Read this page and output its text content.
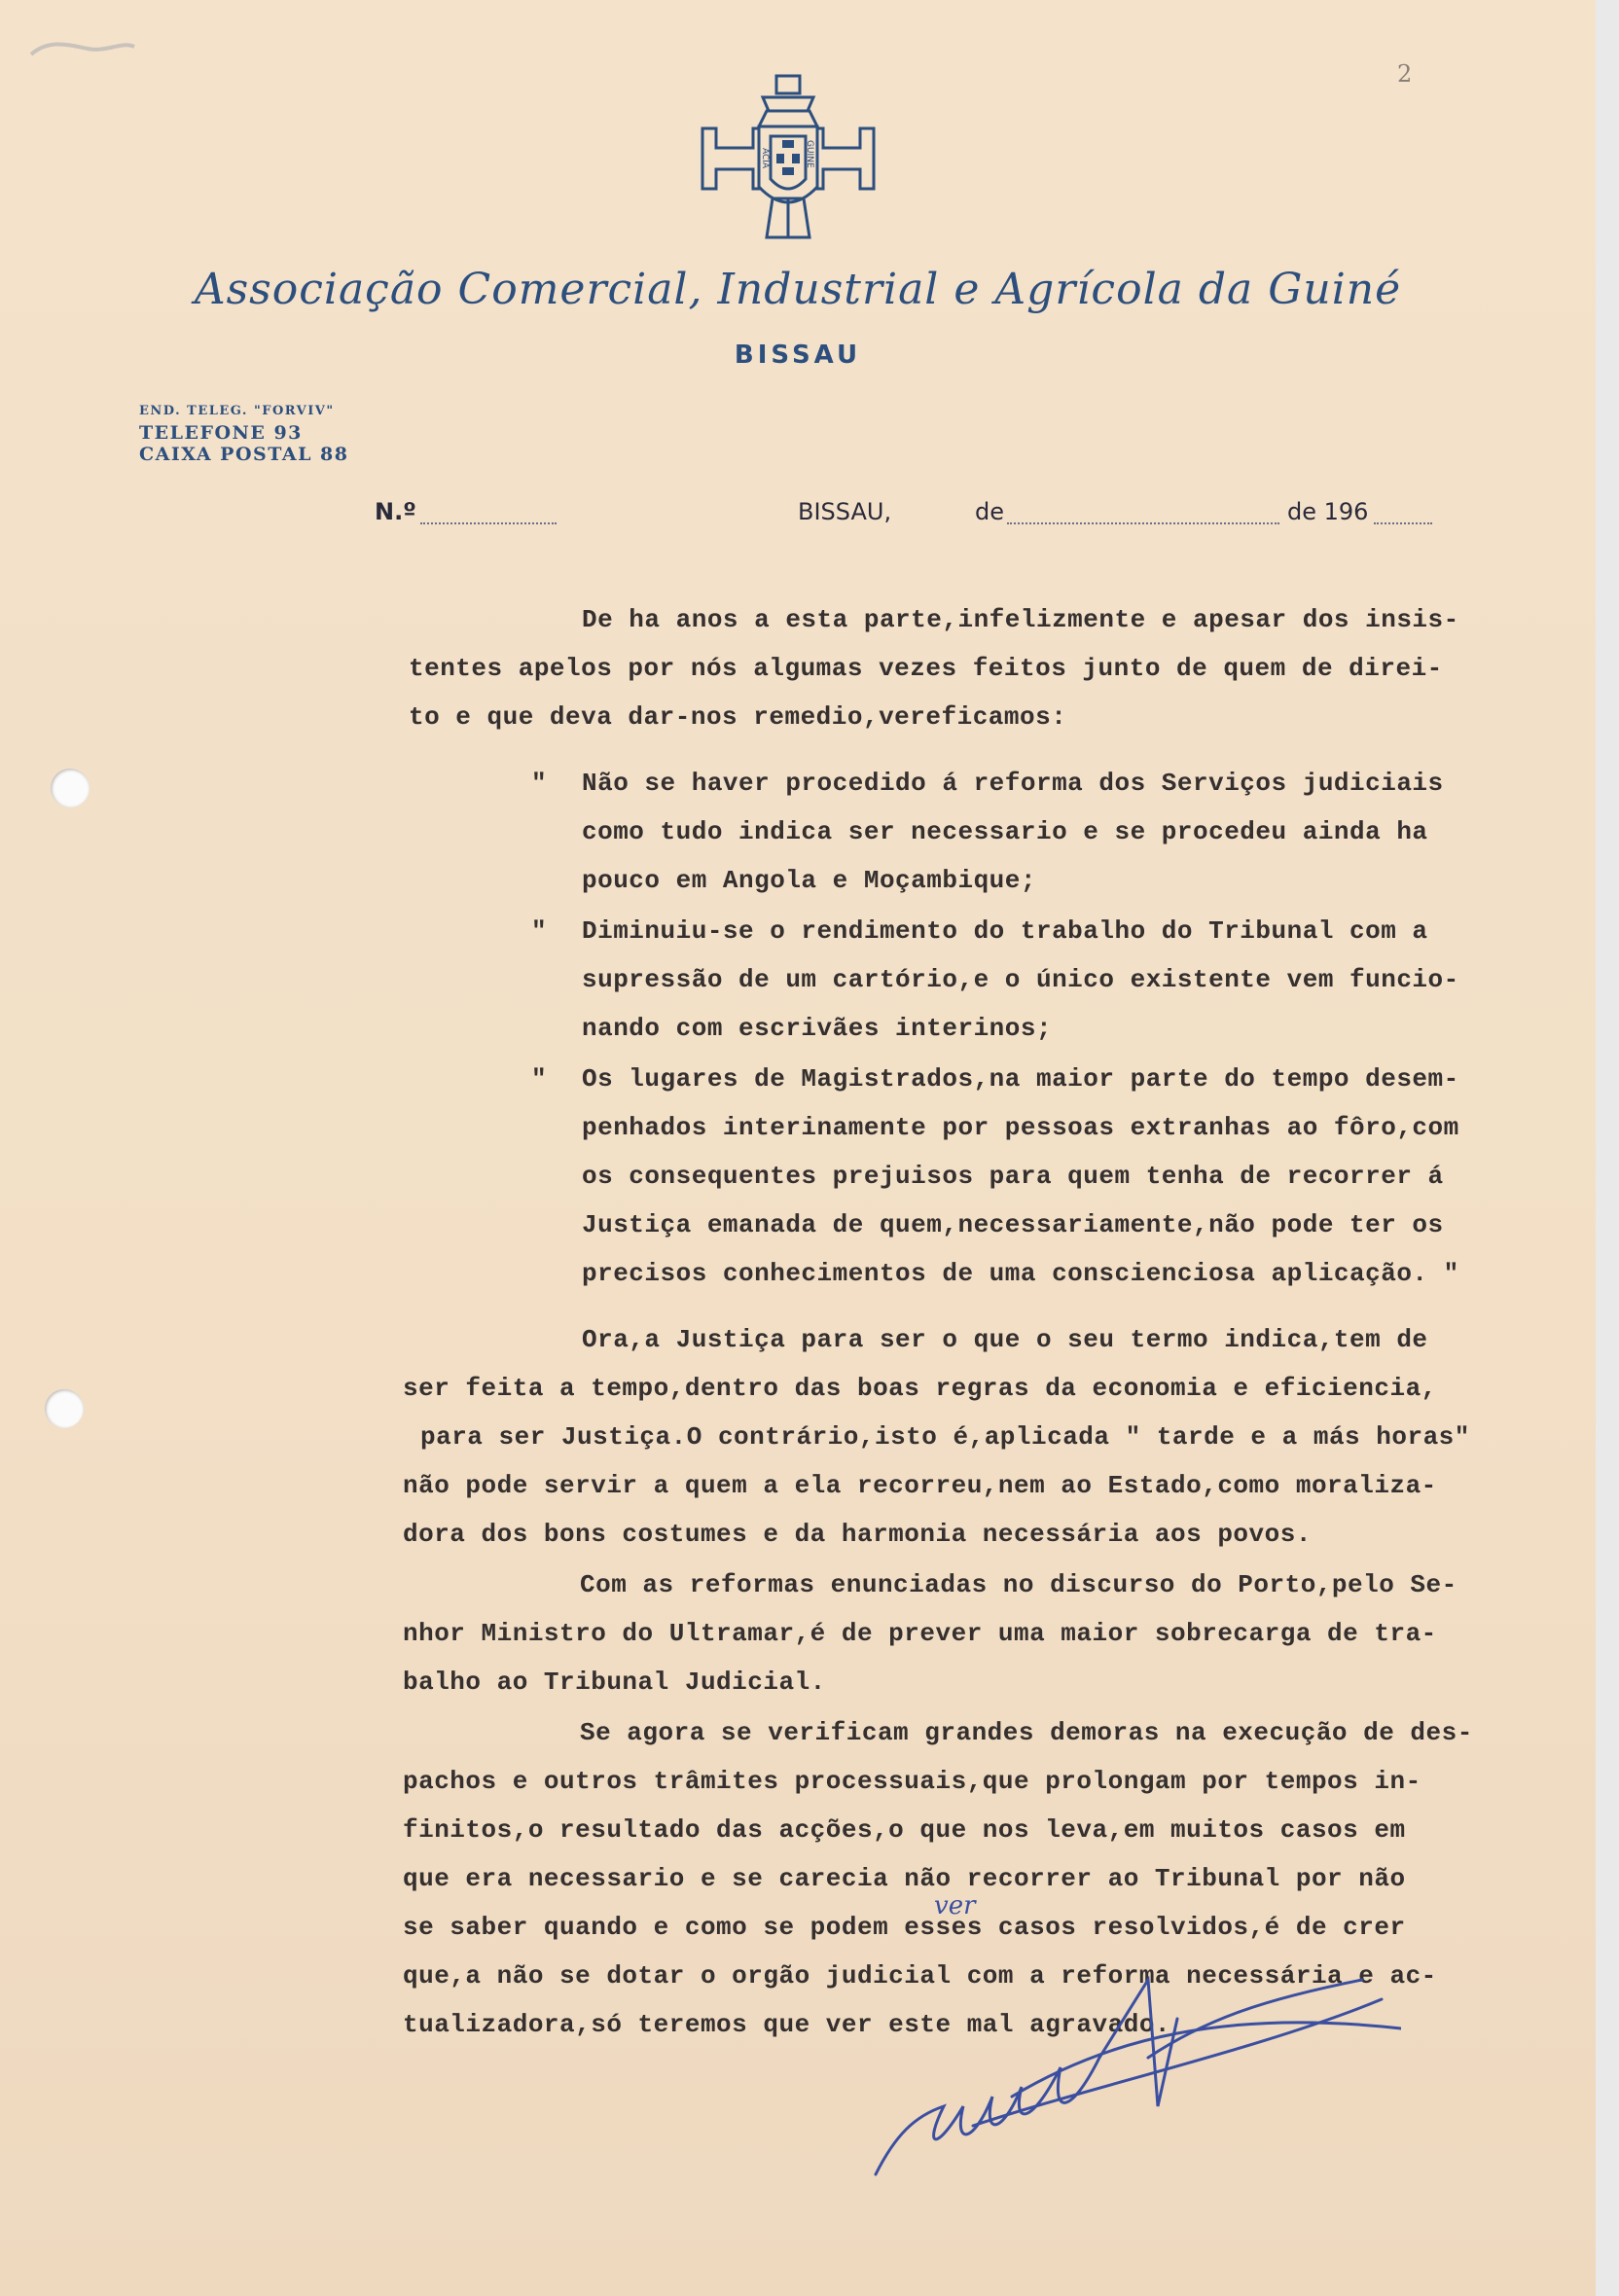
2
ACIA	GUINE
Associação Comercial, Industrial e Agrícola da Guiné
BISSAU
END. TELEG. "FORVIV"
TELEFONE 93
CAIXA POSTAL 88
N.º	BISSAU,	de	de 196
De ha anos a esta parte,infelizmente e apesar dos insis-
tentes apelos por nós algumas vezes feitos junto de quem de direi-
to e que deva dar-nos remedio,vereficamos:
" Não se haver procedido á reforma dos Serviços judiciais
como tudo indica ser necessario e se procedeu ainda ha
pouco em Angola e Moçambique;
" Diminuiu-se o rendimento do trabalho do Tribunal com a
supressão de um cartório,e o único existente vem funcio-
nando com escrivães interinos;
" Os lugares de Magistrados,na maior parte do tempo desem-
penhados interinamente por pessoas extranhas ao fôro,com
os consequentes prejuisos para quem tenha de recorrer á
Justiça emanada de quem,necessariamente,não pode ter os
precisos conhecimentos de uma conscienciosa aplicação. "
Ora,a Justiça para ser o que o seu termo indica,tem de
ser feita a tempo,dentro das boas regras da economia e eficiencia,
para ser Justiça.O contrário,isto é,aplicada " tarde e a más horas"
não pode servir a quem a ela recorreu,nem ao Estado,como moraliza-
dora dos bons costumes e da harmonia necessária aos povos.
Com as reformas enunciadas no discurso do Porto,pelo Se-
nhor Ministro do Ultramar,é de prever uma maior sobrecarga de tra-
balho ao Tribunal Judicial.
Se agora se verificam grandes demoras na execução de des-
pachos e outros trâmites processuais,que prolongam por tempos in-
finitos,o resultado das acções,o que nos leva,em muitos casos em
que era necessario e se carecia não recorrer ao Tribunal por não
se saber quando e como se podem esses casos resolvidos,é de crer
que,a não se dotar o orgão judicial com a reforma necessária e ac-
tualizadora,só teremos que ver este mal agravado.
ver
